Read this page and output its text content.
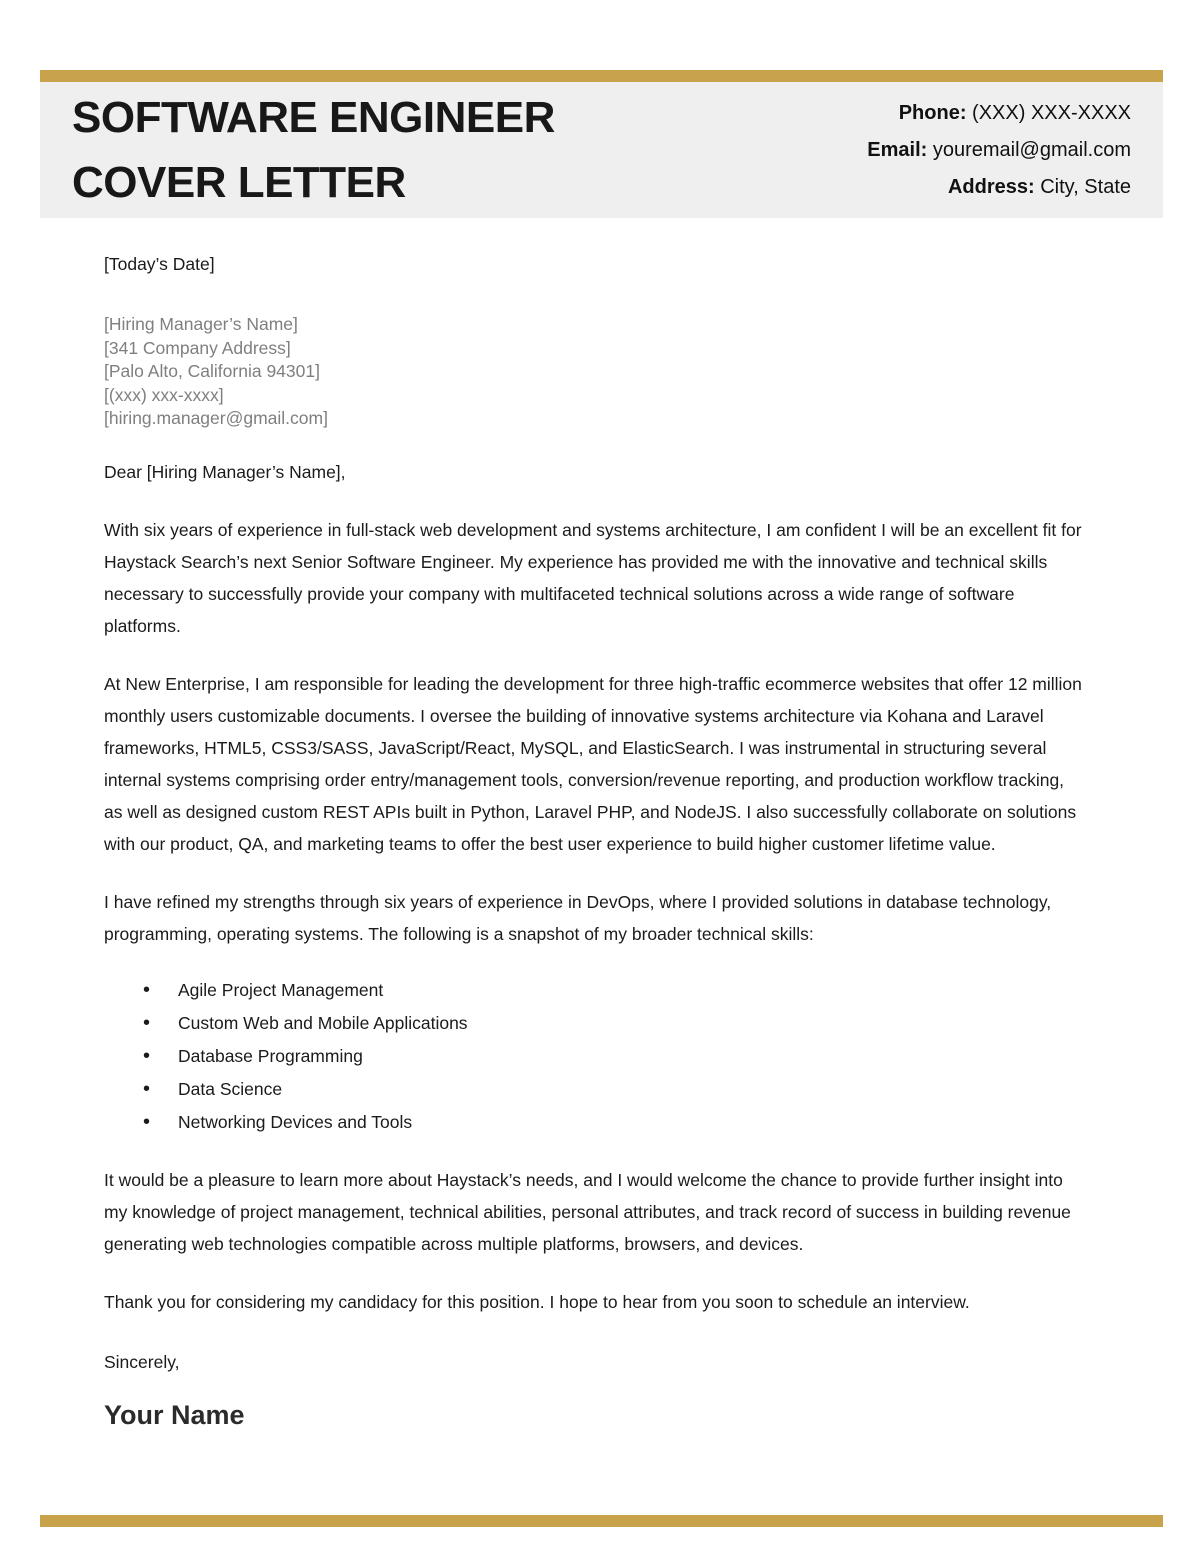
SOFTWARE ENGINEER
COVER LETTER
Phone: (XXX) XXX-XXXX
Email: youremail@gmail.com
Address: City, State

[Today’s Date]

[Hiring Manager’s Name]
[341 Company Address]
[Palo Alto, California 94301]
[(xxx) xxx-xxxx]
[hiring.manager@gmail.com]

Dear [Hiring Manager’s Name],

With six years of experience in full-stack web development and systems architecture, I am confident I will be an excellent fit for Haystack Search’s next Senior Software Engineer. My experience has provided me with the innovative and technical skills necessary to successfully provide your company with multifaceted technical solutions across a wide range of software platforms.

At New Enterprise, I am responsible for leading the development for three high-traffic ecommerce websites that offer 12 million monthly users customizable documents. I oversee the building of innovative systems architecture via Kohana and Laravel frameworks, HTML5, CSS3/SASS, JavaScript/React, MySQL, and ElasticSearch. I was instrumental in structuring several internal systems comprising order entry/management tools, conversion/revenue reporting, and production workflow tracking, as well as designed custom REST APIs built in Python, Laravel PHP, and NodeJS. I also successfully collaborate on solutions with our product, QA, and marketing teams to offer the best user experience to build higher customer lifetime value.

I have refined my strengths through six years of experience in DevOps, where I provided solutions in database technology, programming, operating systems. The following is a snapshot of my broader technical skills:

• Agile Project Management
• Custom Web and Mobile Applications
• Database Programming
• Data Science
• Networking Devices and Tools

It would be a pleasure to learn more about Haystack’s needs, and I would welcome the chance to provide further insight into my knowledge of project management, technical abilities, personal attributes, and track record of success in building revenue generating web technologies compatible across multiple platforms, browsers, and devices.

Thank you for considering my candidacy for this position. I hope to hear from you soon to schedule an interview.

Sincerely,

Your Name
